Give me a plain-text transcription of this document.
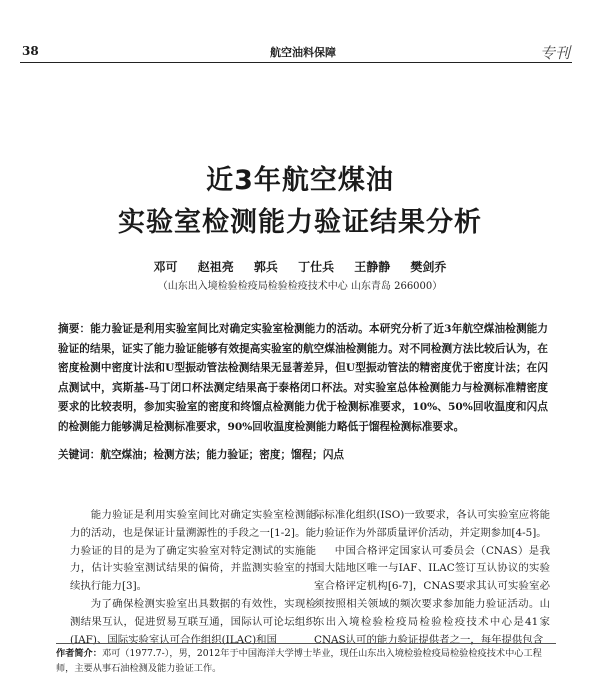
38	航空油料保障	专刊
近3年航空煤油
实验室检测能力验证结果分析
邓可 赵祖亮 郭兵 丁仕兵 王静静 樊剑乔
（山东出入境检验检疫局检验检疫技术中心 山东青岛 266000）
摘要：能力验证是利用实验室间比对确定实验室检测能力的活动。本研究分析了近3年航空煤油检测能力验证的结果，证实了能力验证能够有效提高实验室的航空煤油检测能力。对不同检测方法比较后认为，在密度检测中密度计法和U型振动管法检测结果无显著差异，但U型振动管法的精密度优于密度计法；在闪点测试中，宾斯基-马丁闭口杯法测定结果高于泰格闭口杯法。对实验室总体检测能力与检测标准精密度要求的比较表明，参加实验室的密度和终馏点检测能力优于检测标准要求，10%、50%回收温度和闪点的检测能力能够满足检测标准要求，90%回收温度检测能力略低于馏程检测标准要求。
关键词：航空煤油；检测方法；能力验证；密度；馏程；闪点

能力验证是利用实验室间比对确定实验室检测能力的活动，也是保证计量溯源性的手段之一[1-2]。能力验证的目的是为了确定实验室对特定测试的实施能力，估计实验室测试结果的偏倚，并监测实验室的持续执行能力[3]。

为了确保检测实验室出具数据的有效性，实现检测结果互认，促进贸易互联互通，国际认可论坛组织(IAF)、国际实验室认可合作组织(ILAC)和国

际标准化组织(ISO)一致要求，各认可实验室应将能力验证作为外部质量评价活动，并定期参加[4-5]。

中国合格评定国家认可委员会（CNAS）是我国大陆地区唯一与IAF、ILAC签订互认协议的实验室合格评定机构[6-7]，CNAS要求其认可实验室必须按照相关领域的频次要求参加能力验证活动。山东出入境检验检疫局检验检疫技术中心是41家CNAS认可的能力验证提供者之一，每年提供包含

作者简介：邓可（1977.7-），男，2012年于中国海洋大学博士毕业，现任山东出入境检验检疫局检验检疫技术中心工程师，主要从事石油检测及能力验证工作。
